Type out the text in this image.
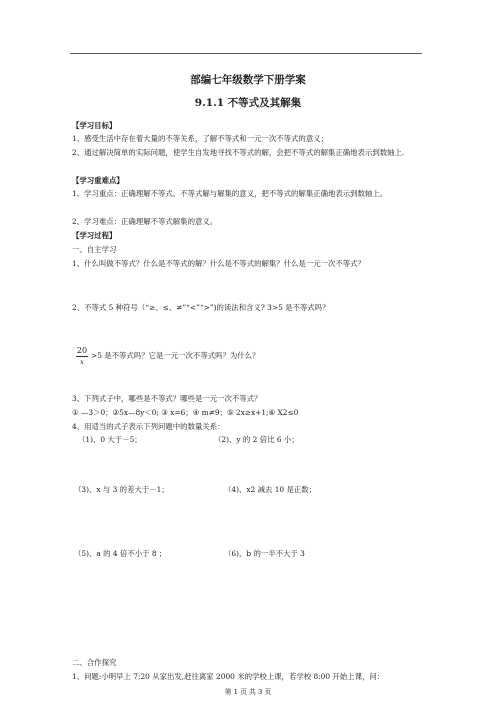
部编七年级数学下册学案
9.1.1 不等式及其解集
【学习目标】
1、感受生活中存在着大量的不等关系，了解不等式和一元一次不等式的意义；
2、通过解决简单的实际问题，使学生自发地寻找不等式的解，会把不等式的解集正确地表示到数轴上.
【学习重难点】
1、学习重点：正确理解不等式、不等式解与解集的意义，把不等式的解集正确地表示到数轴上。
2、学习难点：正确理解不等式解集的意义。
【学习过程】
一、自主学习
1、什么叫做不等式？什么是不等式的解？什么是不等式的解集？什么是一元一次不等式？
2、不等式 5 种符号（“≥、≤、≠”“<”“>”)的读法和含义? 3>5 是不等式吗？
20
x
>5 是不等式吗？它是一元一次不等式吗？为什么？
3、下列式子中，哪些是不等式？哪些是一元一次不等式？
① —3＞0；②5x—8y＜0; ③ x=6；④ m≠9；⑤ 2x≥x+1;⑥ X2≤0
4、用适当的式子表示下列问题中的数量关系：
（1)、0 大于－5；	（2)、y 的 2 倍比 6 小；
（3)、x 与 3 的差大于－1；	（4)、x2 减去 10 是正数；
（5)、a 的 4 倍不小于 8 ；	（6)、b 的一半不大于 3
二、合作探究
1、问题:小明早上 7:20 从家出发,赶往离家 2000 米的学校上课，若学校 8:00 开始上课，问：
第 1 页 共 3 页
